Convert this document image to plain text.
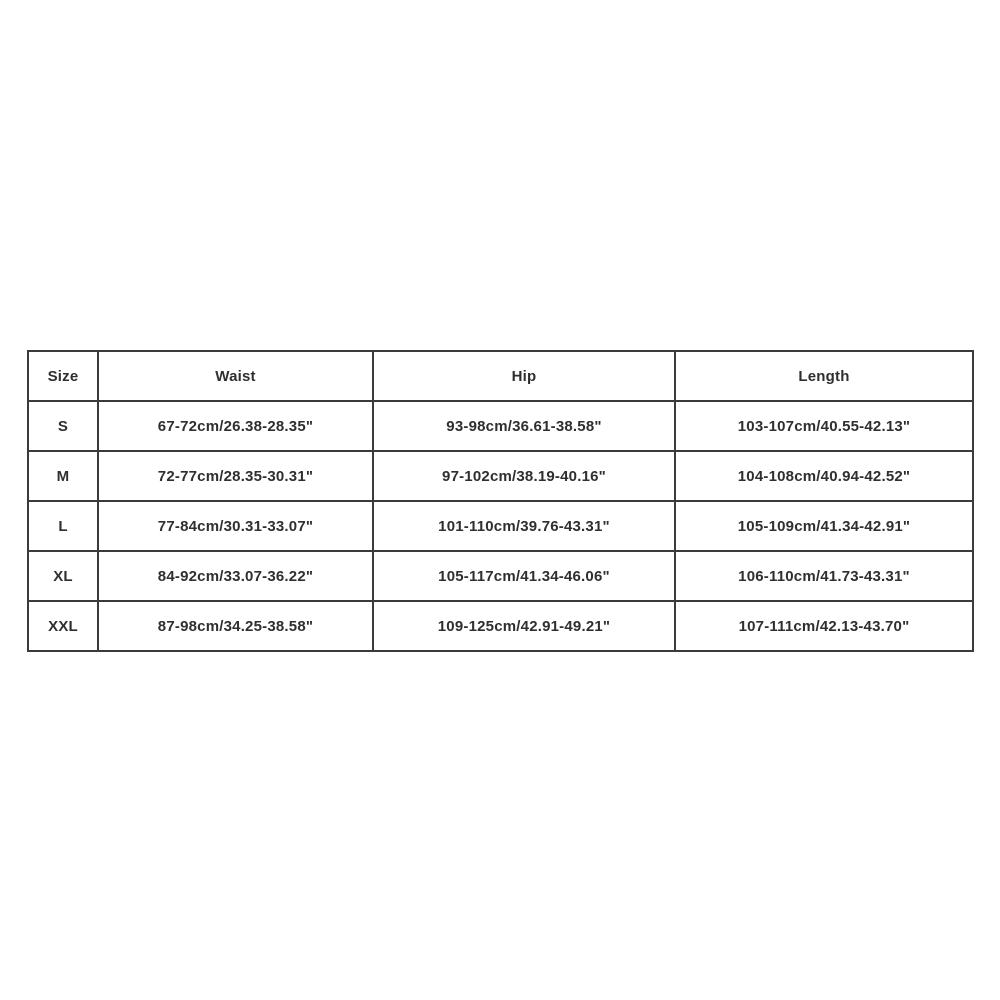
Size	Waist	Hip	Length
S	67-72cm/26.38-28.35"	93-98cm/36.61-38.58"	103-107cm/40.55-42.13"
M	72-77cm/28.35-30.31"	97-102cm/38.19-40.16"	104-108cm/40.94-42.52"
L	77-84cm/30.31-33.07"	101-110cm/39.76-43.31"	105-109cm/41.34-42.91"
XL	84-92cm/33.07-36.22"	105-117cm/41.34-46.06"	106-110cm/41.73-43.31"
XXL	87-98cm/34.25-38.58"	109-125cm/42.91-49.21"	107-111cm/42.13-43.70"
